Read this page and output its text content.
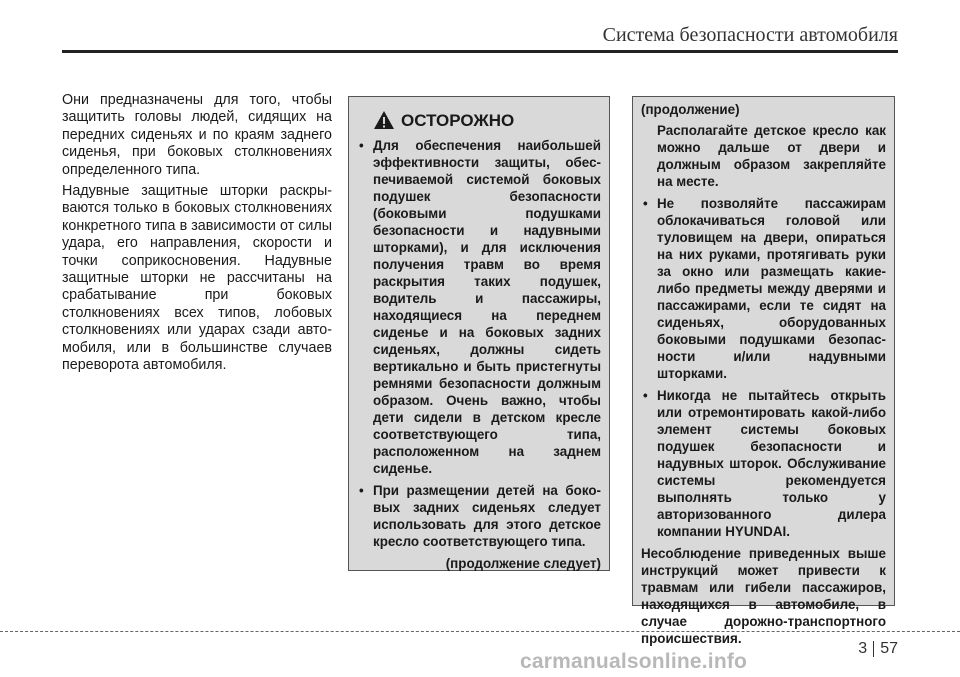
Система безопасности автомобиля

Они предназначены для того, чтобы защитить головы людей, сидящих на передних сиденьях и по краям заднего сиденья, при боковых столкновениях определенного типа.

Надувные защитные шторки раскрываются только в боковых столкновениях конкретного типа в зависимости от силы удара, его направления, скорости и точки соприкосновения. Надувные защитные шторки не рассчитаны на срабатывание при боковых столкновениях всех типов, лобовых столкновениях или ударах сзади автомобиля, или в большинстве случаев переворота автомобиля.

ОСТОРОЖНО
• Для обеспечения наибольшей эффективности защиты, обеспечиваемой системой боковых подушек безопасности (боковыми подушками безопасности и надувными шторками), и для исключения получения травм во время раскрытия таких подушек, водитель и пассажиры, находящиеся на переднем сиденье и на боковых задних сиденьях, должны сидеть вертикально и быть пристегнуты ремнями безопасности должным образом. Очень важно, чтобы дети сидели в детском кресле соответствующего типа, расположенном на заднем сиденье.
• При размещении детей на боковых задних сиденьях следует использовать для этого детское кресло соответствующего типа.
(продолжение следует)
(продолжение)
Располагайте детское кресло как можно дальше от двери и должным образом закрепляйте на месте.
• Не позволяйте пассажирам облокачиваться головой или туловищем на двери, опираться на них руками, протягивать руки за окно или размещать какие-либо предметы между дверями и пассажирами, если те сидят на сиденьях, оборудованных боковыми подушками безопасности и/или надувными шторками.
• Никогда не пытайтесь открыть или отремонтировать какой-либо элемент системы боковых подушек безопасности и надувных шторок. Обслуживание системы рекомендуется выполнять только у авторизованного дилера компании HYUNDAI.
Несоблюдение приведенных выше инструкций может привести к травмам или гибели пассажиров, находящихся в автомобиле, в случае дорожно-транспортного происшествия.
3 57
carmanualsonline.info
